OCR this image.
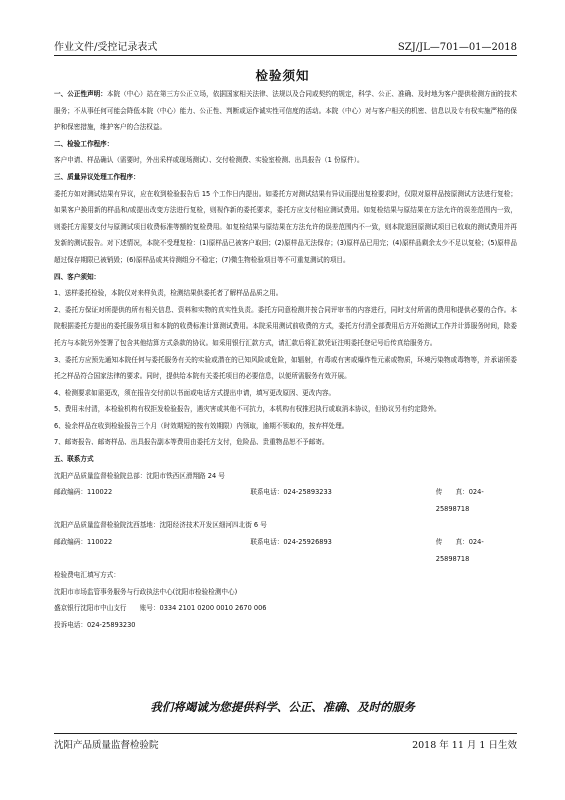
作业文件/受控记录表式	SZJ/JL—701—01—2018
检验须知

一、公正性声明：本院（中心）站在第三方公正立场，依据国家相关法律、法规以及合同或契约的规定，科学、公正、准确、及时地为客户提供检测方面的技术服务；不从事任何可能会降低本院（中心）能力、公正性、判断或运作诚实性可信度的活动。本院（中心）对与客户相关的机密、信息以及专有权实施严格的保护和保密措施，维护客户的合法权益。

二、检验工作程序：

客户申请、样品确认（需要时，外出采样或现场测试）、交付检测费、实验室检测、出具报告（1 份原件）。

三、质量异议处理工作程序：

委托方如对测试结果有异议，应在收到检验报告后 15 个工作日内提出。如委托方对测试结果有异议而提出复检要求时，仅限对原样品按原测试方法进行复检；如果客户换用新的样品和/或提出改变方法进行复检，则视作新的委托要求，委托方应支付相应测试费用。如复检结果与原结果在方法允许的误差范围内一致，则委托方需要支付与原测试项目收费标准等额的复检费用。如复检结果与原结果在方法允许的误差范围内不一致，则本院退回原测试项目已收取的测试费用并再发新的测试报告。对下述情况，本院不受理复检：(1)原样品已被客户取回；(2)原样品无法保存；(3)原样品已用完；(4)原样品剩余太少不足以复检；(5)原样品超过保存期限已被销毁；(6)原样品或其待测组分不稳定；(7)微生物检验项目等不可重复测试的项目。

四、客户须知：

1、送样委托检验，本院仅对来样负责，检测结果供委托者了解样品品质之用。

2、委托方保证对所提供的所有相关信息、资料和实物的真实性负责。委托方同意检测并按合同评审书的内容进行，同时支付所需的费用和提供必要的合作。本院根据委托方提出的委托服务项目和本院的收费标准计算测试费用。本院采用测试前收费的方式，委托方付清全部费用后方开始测试工作并计算服务时间，除委托方与本院另外签署了包含其他结算方式条款的协议。如采用银行汇款方式，请汇款后将汇款凭证注明委托登记号后传真给服务方。

3、委托方应预先通知本院任何与委托服务有关的实验或潜在的已知风险或危险，如辐射，有毒或有害或爆炸性元素或物质，环境污染物或毒物等，并承诺所委托之样品符合国家法律的要求。同时，提供给本院有关委托项目的必要信息，以便所需服务有效开展。

4、检测要求如需更改，须在报告交付前以书面或电话方式提出申请，填写更改原因、更改内容。

5、费用未付清，本检验机构有权拒发检验报告，遇灾害或其他不可抗力，本机构有权推迟执行或取消本协议，但协议另有约定除外。

6、验余样品在收到检验报告三个月（时效期短的按有效期限）内领取，逾期不领取的，按弃样处理。

7、邮寄报告、邮寄样品、出具报告副本等费用由委托方支付，危险品、贵重物品恕不予邮寄。

五、联系方式

沈阳产品质量监督检验院总部：沈阳市铁西区滑翔路 24 号

邮政编码：110022	联系电话：024-25893233	传　　真：024-25898718

沈阳产品质量监督检验院沈西基地：沈阳经济技术开发区细河四北街 6 号

邮政编码：110022	联系电话：024-25926893	传　　真：024-25898718

检验费电汇填写方式：

沈阳市市场监管事务服务与行政执法中心(沈阳市检验检测中心)

盛京银行沈阳市中山支行　　账号：0334 2101 0200 0010 2670 006

投诉电话：024-25893230

我们将竭诚为您提供科学、公正、准确、及时的服务
沈阳产品质量监督检验院	2018 年 11 月 1 日生效
